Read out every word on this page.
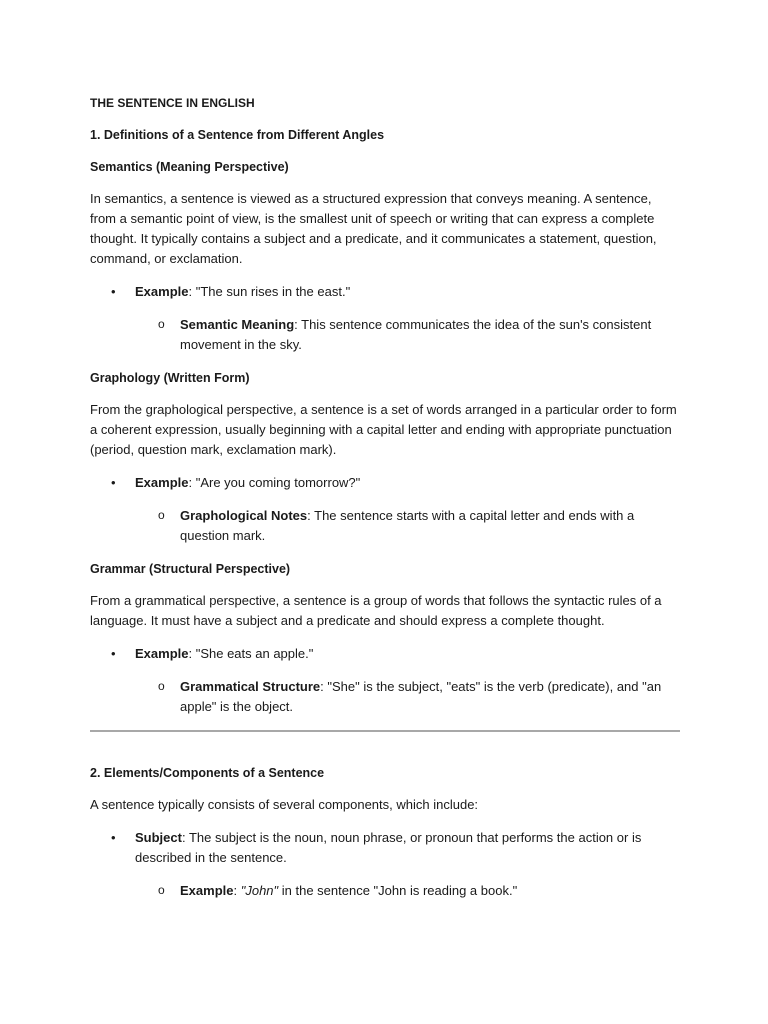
THE SENTENCE IN ENGLISH
1. Definitions of a Sentence from Different Angles
Semantics (Meaning Perspective)

In semantics, a sentence is viewed as a structured expression that conveys meaning. A sentence, from a semantic point of view, is the smallest unit of speech or writing that can express a complete thought. It typically contains a subject and a predicate, and it communicates a statement, question, command, or exclamation.

• Example: "The sun rises in the east."
o Semantic Meaning: This sentence communicates the idea of the sun's consistent movement in the sky.
Graphology (Written Form)

From the graphological perspective, a sentence is a set of words arranged in a particular order to form a coherent expression, usually beginning with a capital letter and ending with appropriate punctuation (period, question mark, exclamation mark).

• Example: "Are you coming tomorrow?"
o Graphological Notes: The sentence starts with a capital letter and ends with a question mark.
Grammar (Structural Perspective)

From a grammatical perspective, a sentence is a group of words that follows the syntactic rules of a language. It must have a subject and a predicate and should express a complete thought.

• Example: "She eats an apple."
o Grammatical Structure: "She" is the subject, "eats" is the verb (predicate), and "an apple" is the object.
2. Elements/Components of a Sentence

A sentence typically consists of several components, which include:

• Subject: The subject is the noun, noun phrase, or pronoun that performs the action or is described in the sentence.
o Example: "John" in the sentence "John is reading a book."
